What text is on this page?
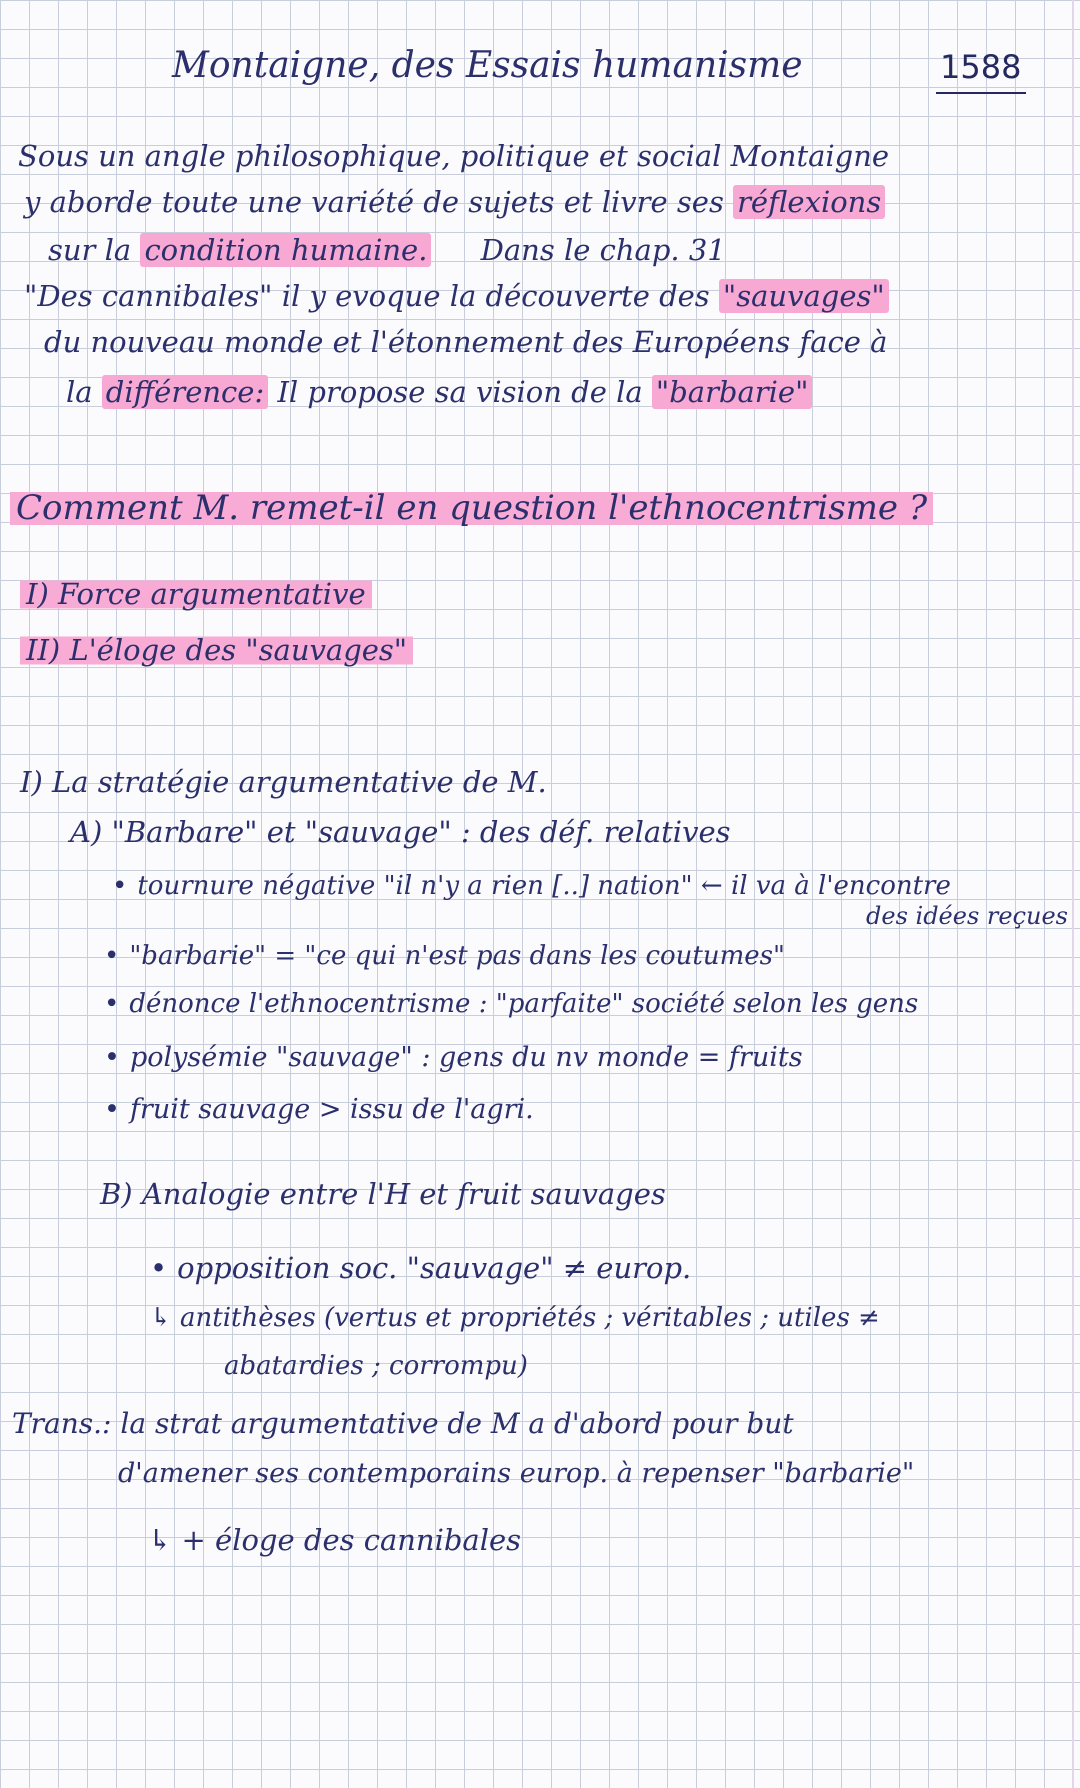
Montaigne, des Essais humanisme	1588
Sous un angle philosophique, politique et social Montaigne
y aborde toute une variété de sujets et livre ses réflexions
sur la condition humaine. Dans le chap. 31
"Des cannibales" il y evoque la découverte des "sauvages"
du nouveau monde et l'étonnement des Européens face à
la différence: Il propose sa vision de la "barbarie"
Comment M. remet-il en question l'ethnocentrisme ?
I) Force argumentative
II) L'éloge des "sauvages"
I) La stratégie argumentative de M.
A) "Barbare" et "sauvage" : des déf. relatives
• tournure négative "il n'y a rien [..] nation" ← il va à l'encontre
des idées reçues
• "barbarie" = "ce qui n'est pas dans les coutumes"
• dénonce l'ethnocentrisme : "parfaite" société selon les gens
• polysémie "sauvage" : gens du nv monde = fruits
• fruit sauvage > issu de l'agri.
B) Analogie entre l'H et fruit sauvages
• opposition soc. "sauvage" ≠ europ.
↳ antithèses (vertus et propriétés ; véritables ; utiles ≠
abatardies ; corrompu)
Trans.: la strat argumentative de M a d'abord pour but
d'amener ses contemporains europ. à repenser "barbarie"
↳ + éloge des cannibales
